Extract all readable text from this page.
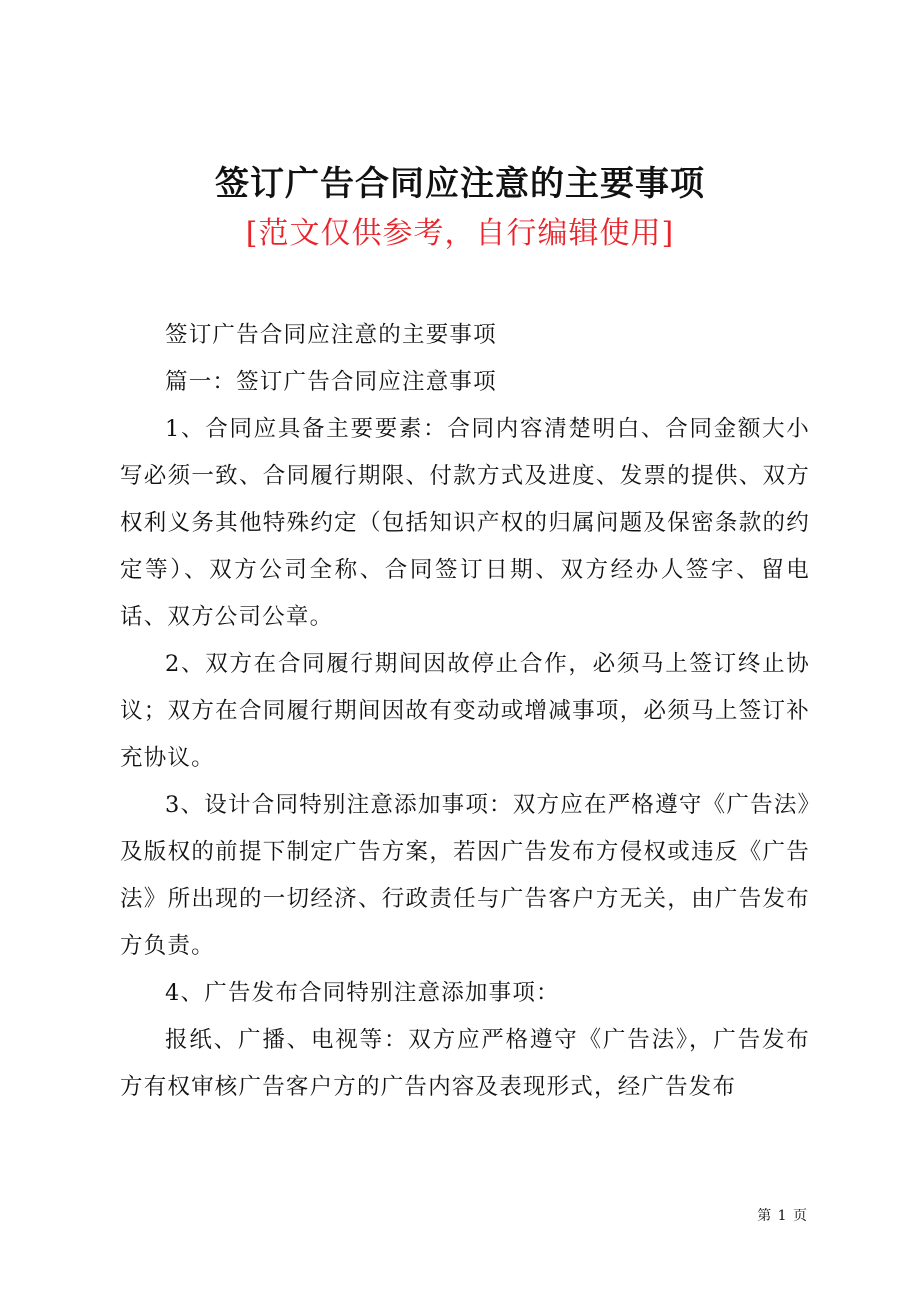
签订广告合同应注意的主要事项
[范文仅供参考，自行编辑使用]

签订广告合同应注意的主要事项

篇一：签订广告合同应注意事项

1、合同应具备主要要素：合同内容清楚明白、合同金额大小写必须一致、合同履行期限、付款方式及进度、发票的提供、双方权利义务其他特殊约定（包括知识产权的归属问题及保密条款的约定等）、双方公司全称、合同签订日期、双方经办人签字、留电话、双方公司公章。

2、双方在合同履行期间因故停止合作，必须马上签订终止协议；双方在合同履行期间因故有变动或增减事项，必须马上签订补充协议。

3、设计合同特别注意添加事项：双方应在严格遵守《广告法》及版权的前提下制定广告方案，若因广告发布方侵权或违反《广告法》所出现的一切经济、行政责任与广告客户方无关，由广告发布方负责。

4、广告发布合同特别注意添加事项：

报纸、广播、电视等：双方应严格遵守《广告法》，广告发布方有权审核广告客户方的广告内容及表现形式，经广告发布

第 1 页
